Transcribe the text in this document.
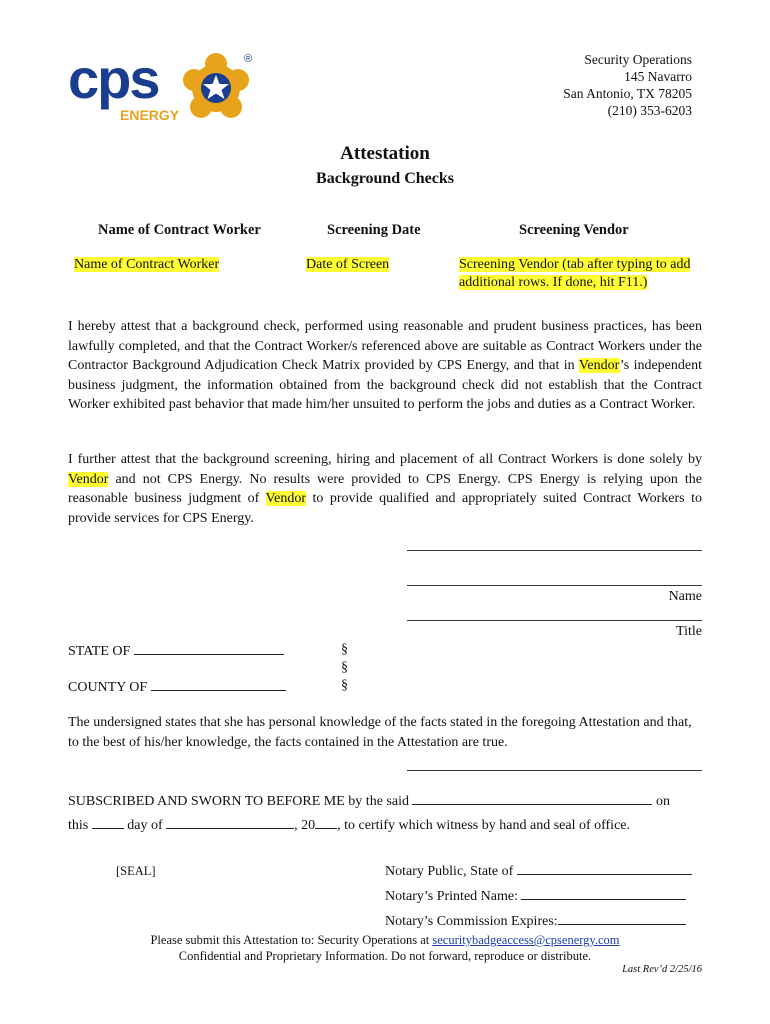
cps
ENERGY
®	Security Operations
145 Navarro
San Antonio, TX 78205
(210) 353-6203
Attestation
Background Checks
Name of Contract Worker	Screening Date	Screening Vendor
Name of Contract Worker	Date of Screen	Screening Vendor (tab after typing to add additional rows. If done, hit F11.)
I hereby attest that a background check, performed using reasonable and prudent business practices, has been lawfully completed, and that the Contract Worker/s referenced above are suitable as Contract Workers under the Contractor Background Adjudication Check Matrix provided by CPS Energy, and that in Vendor’s independent business judgment, the information obtained from the background check did not establish that the Contract Worker exhibited past behavior that made him/her unsuited to perform the jobs and duties as a Contract Worker.
I further attest that the background screening, hiring and placement of all Contract Workers is done solely by Vendor and not CPS Energy. No results were provided to CPS Energy. CPS Energy is relying upon the reasonable business judgment of Vendor to provide qualified and appropriately suited Contract Workers to provide services for CPS Energy.
Name
Title
STATE OF
COUNTY OF
§
§
§
The undersigned states that she has personal knowledge of the facts stated in the foregoing Attestation and that, to the best of his/her knowledge, the facts contained in the Attestation are true.
SUBSCRIBED AND SWORN TO BEFORE ME by the said	on
this	day of	, 20 , to certify which witness by hand and seal of office.
[SEAL]	Notary Public, State of
Notary’s Printed Name:
Notary’s Commission Expires:
Please submit this Attestation to: Security Operations at securitybadgeaccess@cpsenergy.com
Confidential and Proprietary Information. Do not forward, reproduce or distribute.
Last Rev’d 2/25/16
